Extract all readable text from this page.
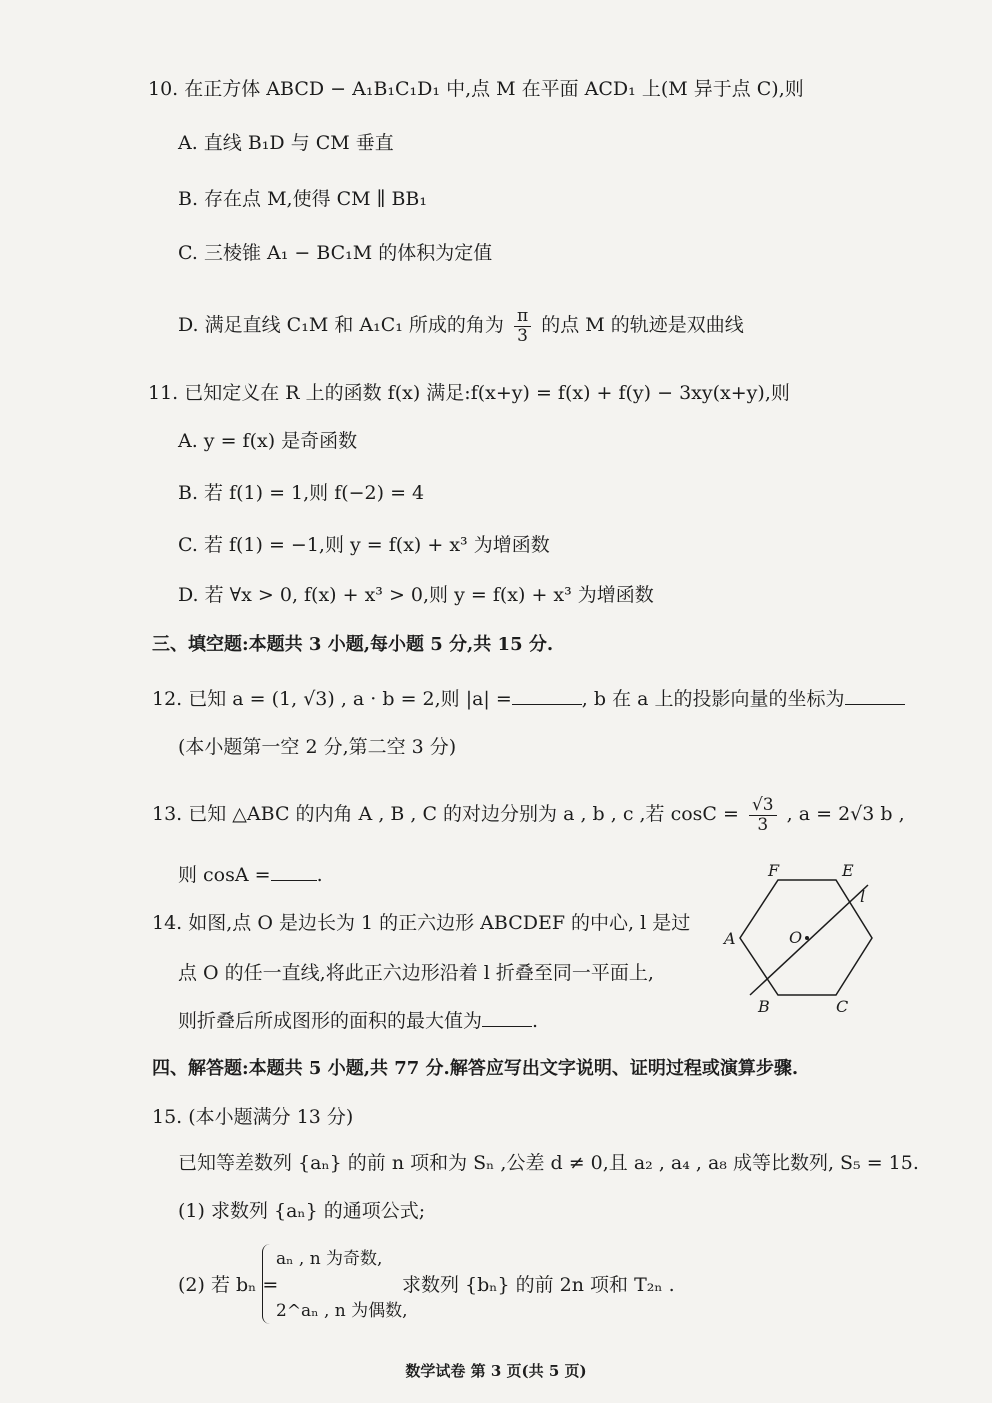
10. 在正方体 ABCD − A₁B₁C₁D₁ 中,点 M 在平面 ACD₁ 上(M 异于点 C),则
A. 直线 B₁D 与 CM 垂直
B. 存在点 M,使得 CM ∥ BB₁
C. 三棱锥 A₁ − BC₁M 的体积为定值
D. 满足直线 C₁M 和 A₁C₁ 所成的角为 $\frac{\pi}{3}$ 的点 M 的轨迹是双曲线
11. 已知定义在 R 上的函数 f(x) 满足:f(x+y) = f(x) + f(y) − 3xy(x+y),则
A. y = f(x) 是奇函数
B. 若 f(1) = 1,则 f(−2) = 4
C. 若 f(1) = −1,则 y = f(x) + x³ 为增函数
D. 若 ∀x > 0, f(x) + x³ > 0,则 y = f(x) + x³ 为增函数
三、填空题:本题共 3 小题,每小题 5 分,共 15 分.
12. 已知 a = (1, √3) , a · b = 2,则 |a| =	, b 在 a 上的投影向量的坐标为
(本小题第一空 2 分,第二空 3 分)
13. 已知 △ABC 的内角 A , B , C 的对边分别为 a , b , c ,若 $\cos C = \frac{√3}{3}$ , a = 2√3 b ,
则 cosA = .
14. 如图,点 O 是边长为 1 的正六边形 ABCDEF 的中心, l 是过
点 O 的任一直线,将此正六边形沿着 l 折叠至同一平面上,
则折叠后所成图形的面积的最大值为	.
F	E
A	O
l
B	C
四、解答题:本题共 5 小题,共 77 分.解答应写出文字说明、证明过程或演算步骤.
15. (本小题满分 13 分)
已知等差数列 {aₙ} 的前 n 项和为 Sₙ ,公差 d ≠ 0,且 a₂ , a₄ , a₈ 成等比数列, S₅ = 15.
(1) 求数列 {aₙ} 的通项公式;
(2) 若 bₙ =
aₙ , n 为奇数,
2^aₙ , n 为偶数,
求数列 {bₙ} 的前 2n 项和 T₂ₙ .
数学试卷 第 3 页(共 5 页)
